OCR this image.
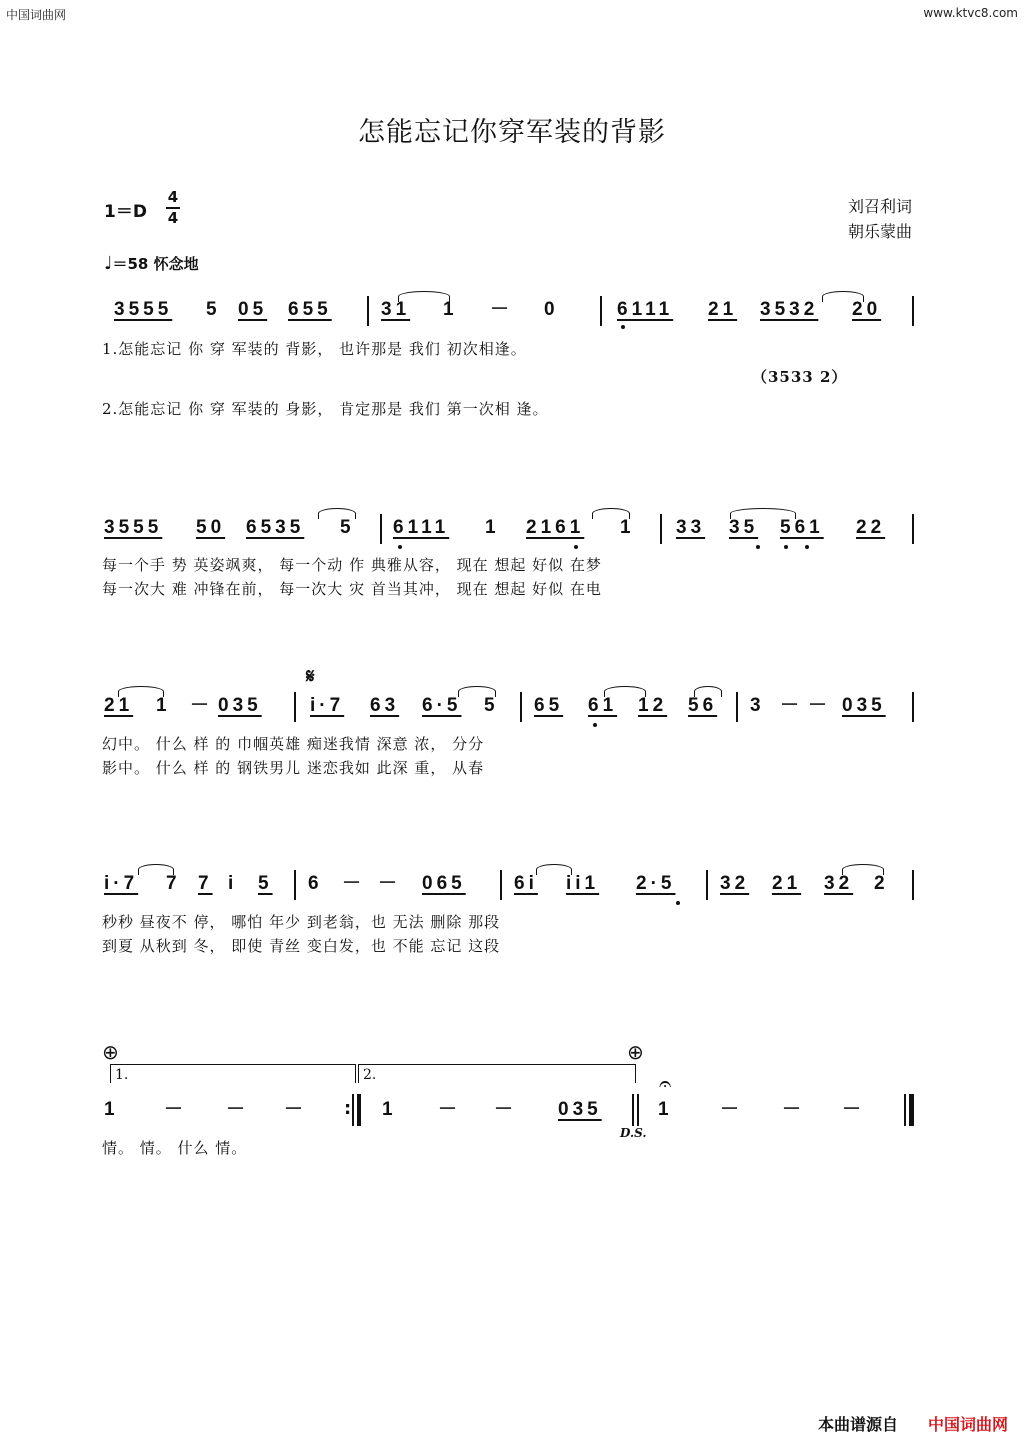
中国词曲网	www.ktvc8.com
怎能忘记你穿军装的背影
1＝D
4
4
刘召利词
朝乐蒙曲
♩＝58 怀念地
3555 5 05 655	31 1 － 0	6111 21 3532 20
1.怎能忘记 你 穿 军装的 背影， 也许那是 我们 初次相逢。
（3533 2）
2.怎能忘记 你 穿 军装的 身影， 肯定那是 我们 第一次相 逢。
3555 50 6535 5 6111 1 2161 1 33 35 561 22
每一个手 势 英姿飒爽， 每一个动 作 典雅从容， 现在 想起 好似 在梦
每一次大 难 冲锋在前， 每一次大 灾 首当其冲， 现在 想起 好似 在电
𝄋
21 1 － 035	i·7 63 6·5 5 65 61 12 56 3 － － 035
幻中。 什么 样 的 巾帼英雄 痴迷我情 深意 浓， 分分
影中。 什么 样 的 钢铁男儿 迷恋我如 此深 重， 从春
i·7 7 7 i 5 6 － － 065	6i ii1 2·5 32 21 32 2
秒秒 昼夜不 停， 哪怕 年少 到老翁，也 无法 删除 那段
到夏 从秋到 冬， 即使 青丝 变白发，也 不能 忘记 这段
⊕	⊕
1.	2.	𝄐
1 － － －	1 － － 035	1 － － －
:
情。 情。 什么 情。
D.S.
本曲谱源自 中国词曲网
